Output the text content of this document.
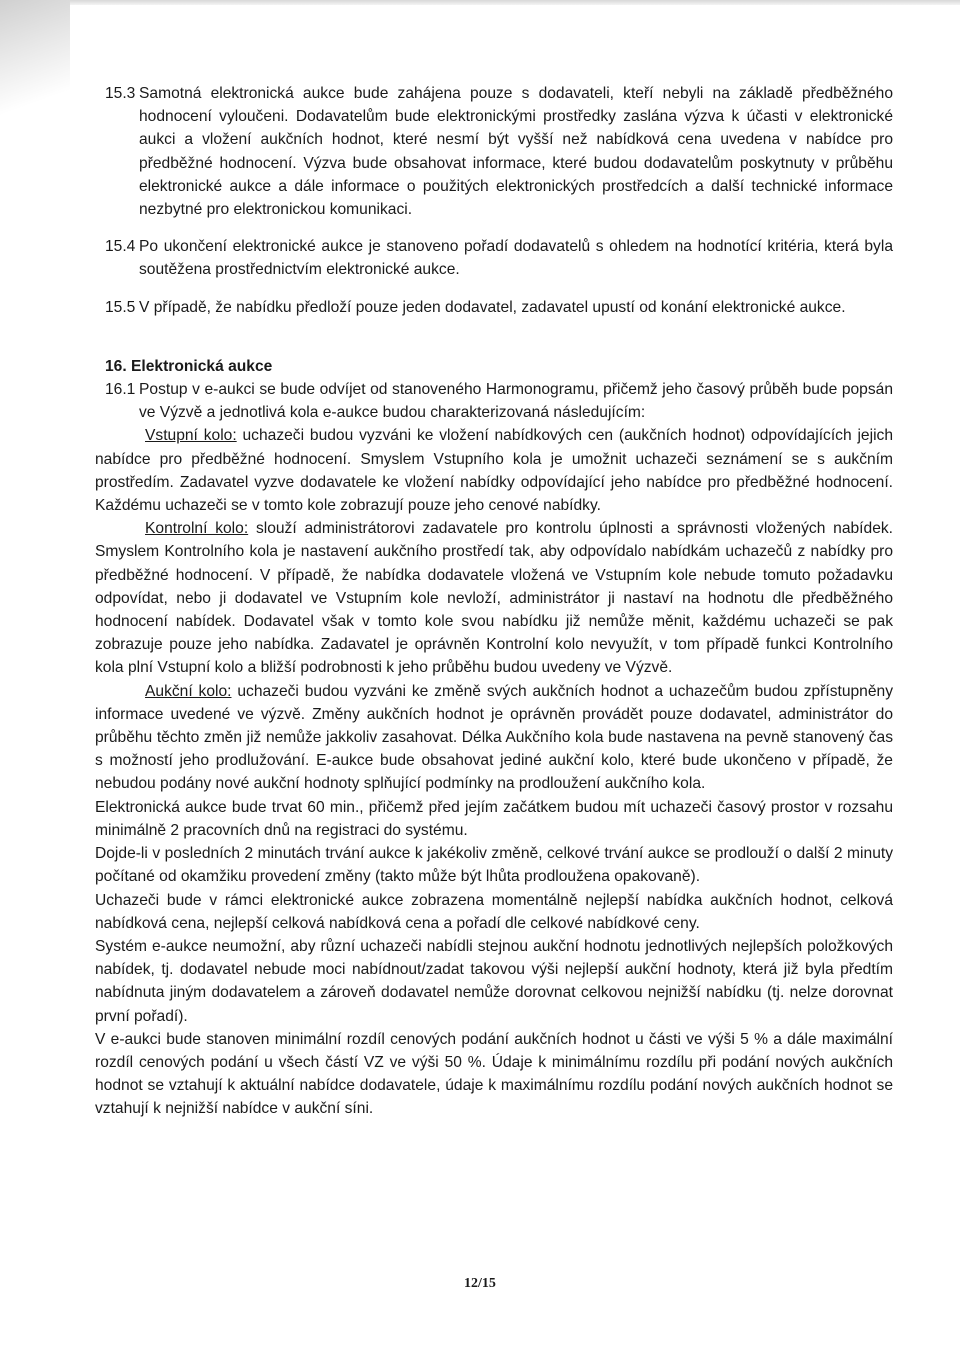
15.3 Samotná elektronická aukce bude zahájena pouze s dodavateli, kteří nebyli na základě předběžného hodnocení vyloučeni. Dodavatelům bude elektronickými prostředky zaslána výzva k účasti v elektronické aukci a vložení aukčních hodnot, které nesmí být vyšší než nabídková cena uvedena v nabídce pro předběžné hodnocení. Výzva bude obsahovat informace, které budou dodavatelům poskytnuty v průběhu elektronické aukce a dále informace o použitých elektronických prostředcích a další technické informace nezbytné pro elektronickou komunikaci.

15.4 Po ukončení elektronické aukce je stanoveno pořadí dodavatelů s ohledem na hodnotící kritéria, která byla soutěžena prostřednictvím elektronické aukce.

15.5 V případě, že nabídku předloží pouze jeden dodavatel, zadavatel upustí od konání elektronické aukce.

16. Elektronická aukce

16.1 Postup v e-aukci se bude odvíjet od stanoveného Harmonogramu, přičemž jeho časový průběh bude popsán ve Výzvě a jednotlivá kola e-aukce budou charakterizovaná následujícím:

Vstupní kolo: uchazeči budou vyzváni ke vložení nabídkových cen (aukčních hodnot) odpovídajících jejich nabídce pro předběžné hodnocení. Smyslem Vstupního kola je umožnit uchazeči seznámení se s aukčním prostředím. Zadavatel vyzve dodavatele ke vložení nabídky odpovídající jeho nabídce pro předběžné hodnocení. Každému uchazeči se v tomto kole zobrazují pouze jeho cenové nabídky.

Kontrolní kolo: slouží administrátorovi zadavatele pro kontrolu úplnosti a správnosti vložených nabídek. Smyslem Kontrolního kola je nastavení aukčního prostředí tak, aby odpovídalo nabídkám uchazečů z nabídky pro předběžné hodnocení. V případě, že nabídka dodavatele vložená ve Vstupním kole nebude tomuto požadavku odpovídat, nebo ji dodavatel ve Vstupním kole nevloží, administrátor ji nastaví na hodnotu dle předběžného hodnocení nabídek. Dodavatel však v tomto kole svou nabídku již nemůže měnit, každému uchazeči se pak zobrazuje pouze jeho nabídka. Zadavatel je oprávněn Kontrolní kolo nevyužít, v tom případě funkci Kontrolního kola plní Vstupní kolo a bližší podrobnosti k jeho průběhu budou uvedeny ve Výzvě.

Aukční kolo: uchazeči budou vyzváni ke změně svých aukčních hodnot a uchazečům budou zpřístupněny informace uvedené ve výzvě. Změny aukčních hodnot je oprávněn provádět pouze dodavatel, administrátor do průběhu těchto změn již nemůže jakkoliv zasahovat. Délka Aukčního kola bude nastavena na pevně stanovený čas s možností jeho prodlužování. E-aukce bude obsahovat jediné aukční kolo, které bude ukončeno v případě, že nebudou podány nové aukční hodnoty splňující podmínky na prodloužení aukčního kola.

Elektronická aukce bude trvat 60 min., přičemž před jejím začátkem budou mít uchazeči časový prostor v rozsahu minimálně 2 pracovních dnů na registraci do systému.

Dojde-li v posledních 2 minutách trvání aukce k jakékoliv změně, celkové trvání aukce se prodlouží o další 2 minuty počítané od okamžiku provedení změny (takto může být lhůta prodloužena opakovaně).

Uchazeči bude v rámci elektronické aukce zobrazena momentálně nejlepší nabídka aukčních hodnot, celková nabídková cena, nejlepší celková nabídková cena a pořadí dle celkové nabídkové ceny.

Systém e-aukce neumožní, aby různí uchazeči nabídli stejnou aukční hodnotu jednotlivých nejlepších položkových nabídek, tj. dodavatel nebude moci nabídnout/zadat takovou výši nejlepší aukční hodnoty, která již byla předtím nabídnuta jiným dodavatelem a zároveň dodavatel nemůže dorovnat celkovou nejnižší nabídku (tj. nelze dorovnat první pořadí).

V e-aukci bude stanoven minimální rozdíl cenových podání aukčních hodnot u části ve výši 5 % a dále maximální rozdíl cenových podání u všech částí VZ ve výši 50 %. Údaje k minimálnímu rozdílu při podání nových aukčních hodnot se vztahují k aktuální nabídce dodavatele, údaje k maximálnímu rozdílu podání nových aukčních hodnot se vztahují k nejnižší nabídce v aukční síni.

12/15
